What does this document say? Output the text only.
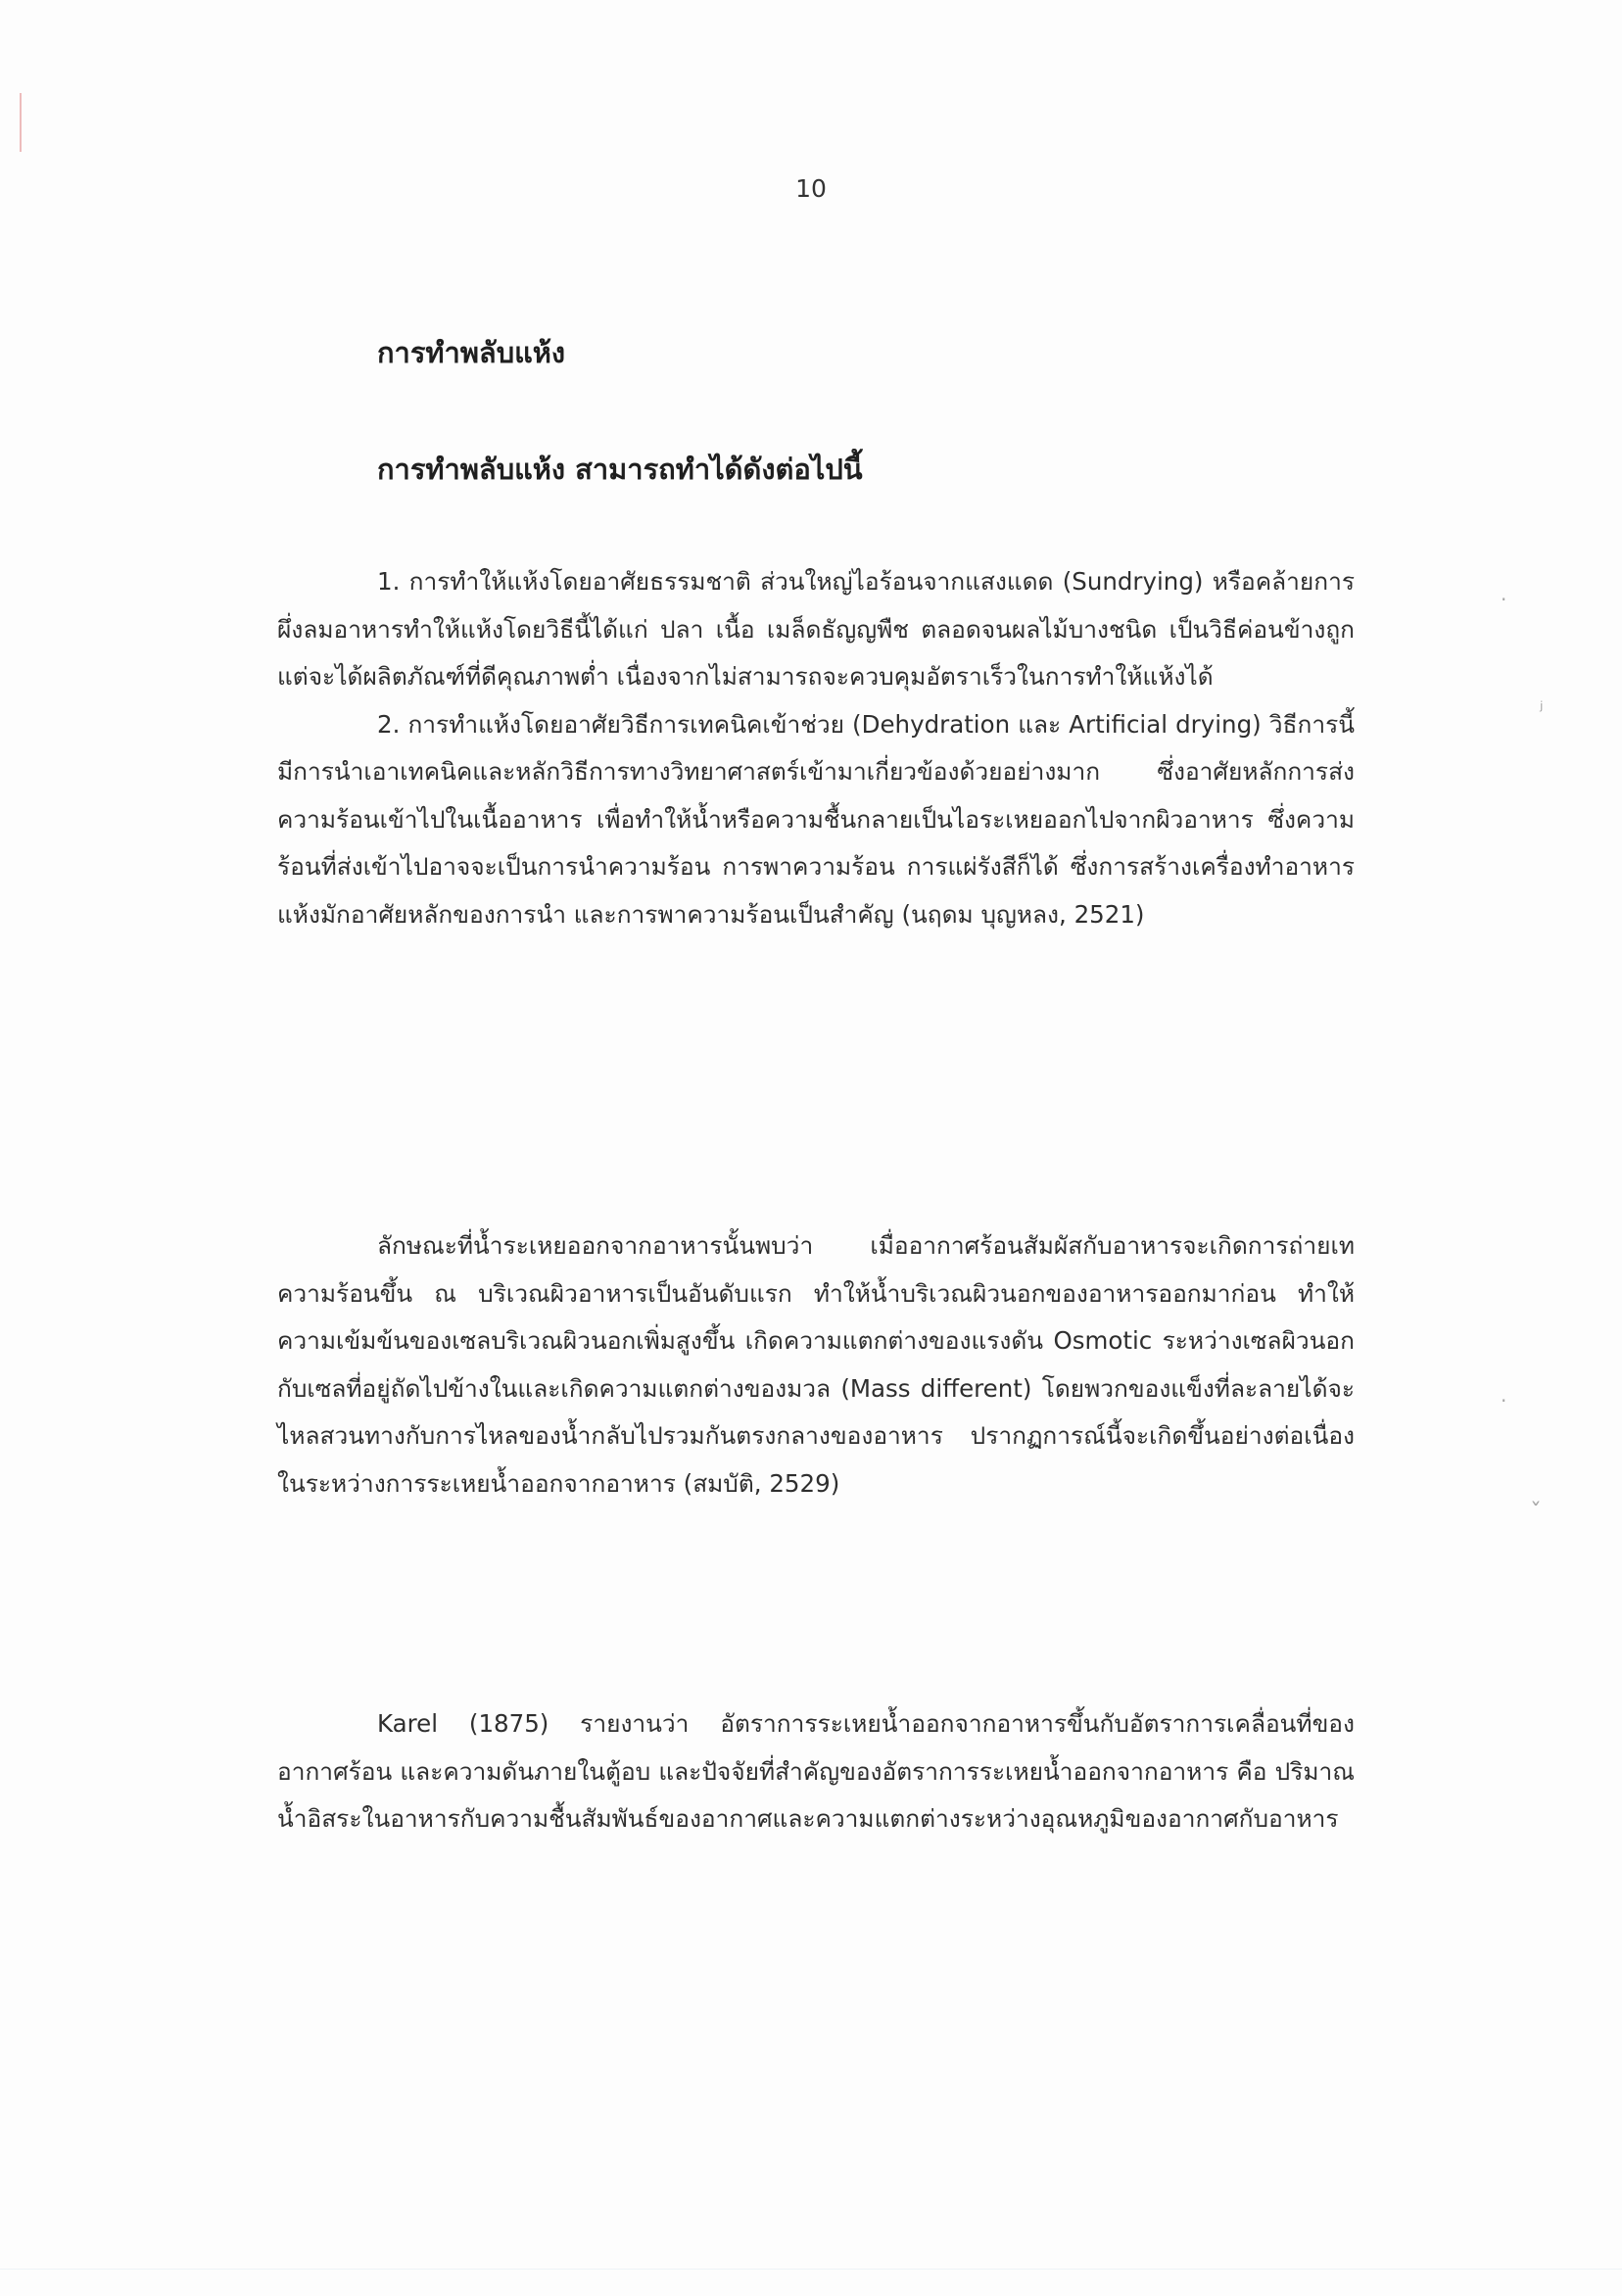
10
การทำพลับแห้ง
การทำพลับแห้ง สามารถทำได้ดังต่อไปนี้

1. การทำให้แห้งโดยอาศัยธรรมชาติ ส่วนใหญ่ไอร้อนจากแสงแดด (Sundrying) หรือคล้ายการผึ่งลมอาหารทำให้แห้งโดยวิธีนี้ได้แก่ ปลา เนื้อ เมล็ดธัญญพืช ตลอดจนผลไม้บางชนิด เป็นวิธีค่อนข้างถูก แต่จะได้ผลิตภัณฑ์ที่ดีคุณภาพต่ำ เนื่องจากไม่สามารถจะควบคุมอัตราเร็วในการทำให้แห้งได้

2. การทำแห้งโดยอาศัยวิธีการเทคนิคเข้าช่วย (Dehydration และ Artificial drying) วิธีการนี้มีการนำเอาเทคนิคและหลักวิธีการทางวิทยาศาสตร์เข้ามาเกี่ยวข้องด้วยอย่างมาก ซึ่งอาศัยหลักการส่งความร้อนเข้าไปในเนื้ออาหาร เพื่อทำให้น้ำหรือความชื้นกลายเป็นไอระเหยออกไปจากผิวอาหาร ซึ่งความร้อนที่ส่งเข้าไปอาจจะเป็นการนำความร้อน การพาความร้อน การแผ่รังสีก็ได้ ซึ่งการสร้างเครื่องทำอาหารแห้งมักอาศัยหลักของการนำ และการพาความร้อนเป็นสำคัญ (นฤดม บุญหลง, 2521)

ลักษณะที่น้ำระเหยออกจากอาหารนั้นพบว่า เมื่ออากาศร้อนสัมผัสกับอาหารจะเกิดการถ่ายเทความร้อนขึ้น ณ บริเวณผิวอาหารเป็นอันดับแรก ทำให้น้ำบริเวณผิวนอกของอาหารออกมาก่อน ทำให้ความเข้มข้นของเซลบริเวณผิวนอกเพิ่มสูงขึ้น เกิดความแตกต่างของแรงดัน Osmotic ระหว่างเซลผิวนอกกับเซลที่อยู่ถัดไปข้างในและเกิดความแตกต่างของมวล (Mass different) โดยพวกของแข็งที่ละลายได้จะไหลสวนทางกับการไหลของน้ำกลับไปรวมกันตรงกลางของอาหาร ปรากฏการณ์นี้จะเกิดขึ้นอย่างต่อเนื่องในระหว่างการระเหยน้ำออกจากอาหาร (สมบัติ, 2529)

Karel (1875) รายงานว่า อัตราการระเหยน้ำออกจากอาหารขึ้นกับอัตราการเคลื่อนที่ของอากาศร้อน และความดันภายในตู้อบ และปัจจัยที่สำคัญของอัตราการระเหยน้ำออกจากอาหาร คือ ปริมาณน้ำอิสระในอาหารกับความชื้นสัมพันธ์ของอากาศและความแตกต่างระหว่างอุณหภูมิของอากาศกับอาหาร

·
ʲ
·
ˇ
